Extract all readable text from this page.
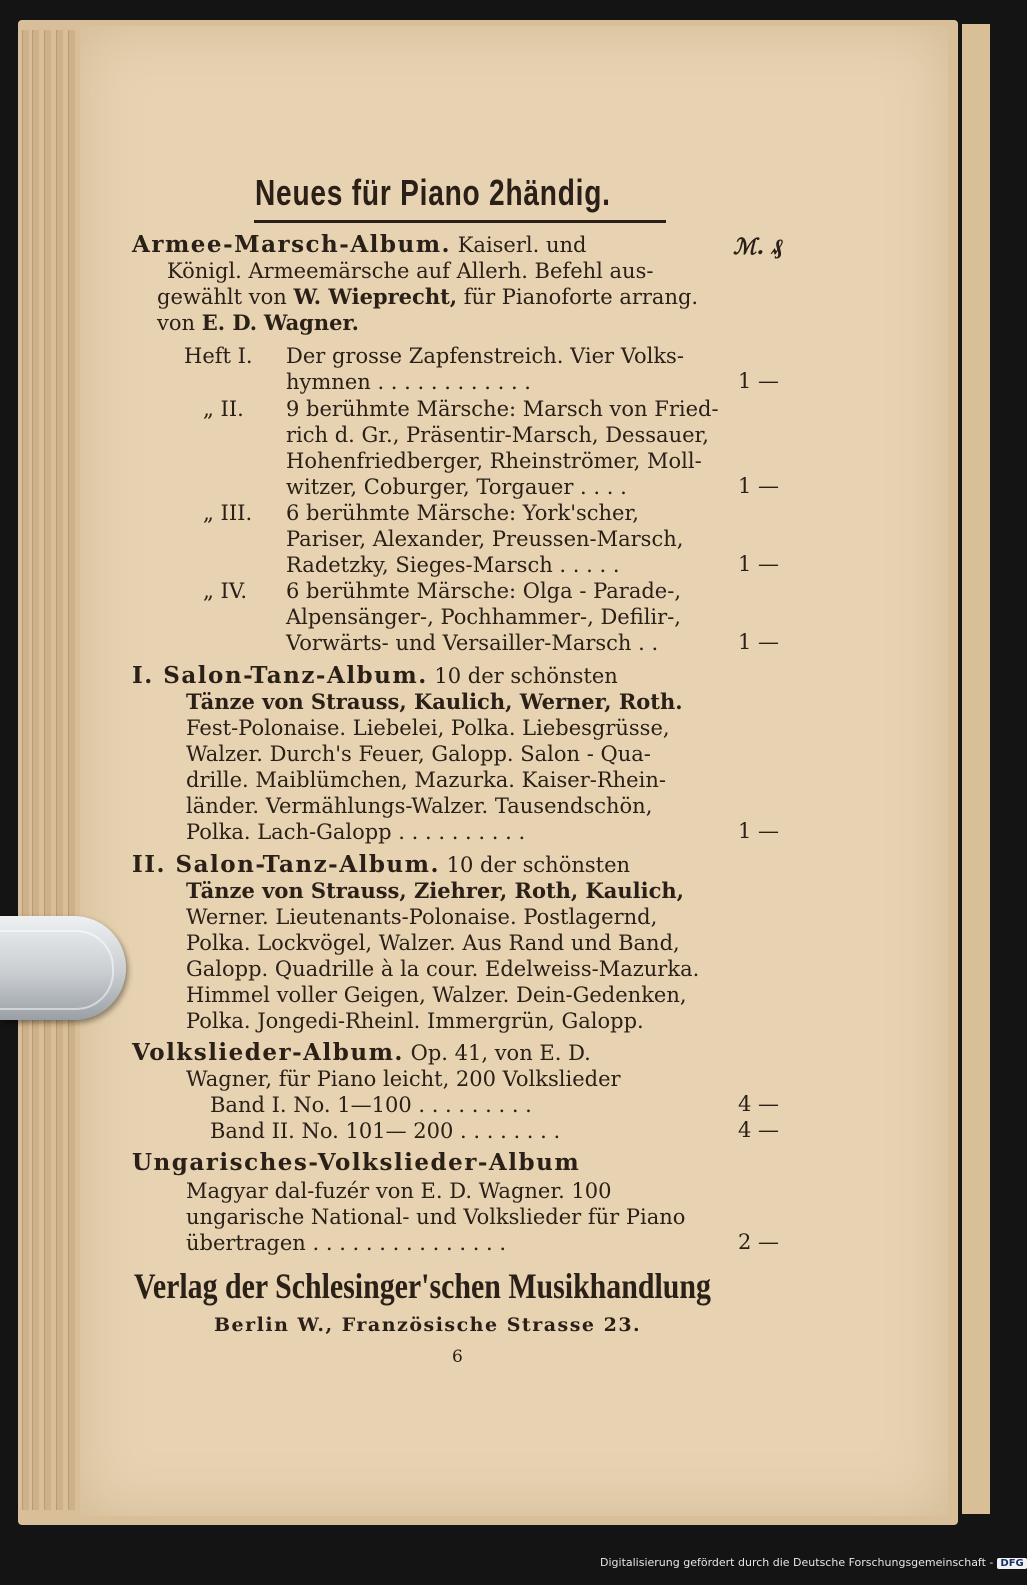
Neues für Piano 2händig.
ℳ. ₰
Armee-Marsch-Album. Kaiserl. und
Königl. Armeemärsche auf Allerh. Befehl aus-
gewählt von W. Wieprecht, für Pianoforte arrang.
von E. D. Wagner.
Heft I. Der grosse Zapfenstreich. Vier Volks-
hymnen . . . . . . . . . . . .	1 —
„ II. 9 berühmte Märsche: Marsch von Fried-
rich d. Gr., Präsentir-Marsch, Dessauer,
Hohenfriedberger, Rheinströmer, Moll-
witzer, Coburger, Torgauer . . . .	1 —
„ III. 6 berühmte Märsche: York'scher,
Pariser, Alexander, Preussen-Marsch,
Radetzky, Sieges-Marsch . . . . .	1 —
„ IV. 6 berühmte Märsche: Olga - Parade-,
Alpensänger-, Pochhammer-, Defilir-,
Vorwärts- und Versailler-Marsch . .	1 —
I. Salon-Tanz-Album. 10 der schönsten
Tänze von Strauss, Kaulich, Werner, Roth.
Fest-Polonaise. Liebelei, Polka. Liebesgrüsse,
Walzer. Durch's Feuer, Galopp. Salon - Qua-
drille. Maiblümchen, Mazurka. Kaiser-Rhein-
länder. Vermählungs-Walzer. Tausendschön,
Polka. Lach-Galopp . . . . . . . . . .	1 —
II. Salon-Tanz-Album. 10 der schönsten
Tänze von Strauss, Ziehrer, Roth, Kaulich,
Werner. Lieutenants-Polonaise. Postlagernd,
Polka. Lockvögel, Walzer. Aus Rand und Band,
Galopp. Quadrille à la cour. Edelweiss-Mazurka.
Himmel voller Geigen, Walzer. Dein-Gedenken,
Polka. Jongedi-Rheinl. Immergrün, Galopp.
Volkslieder-Album. Op. 41, von E. D.
Wagner, für Piano leicht, 200 Volkslieder
Band I. No. 1—100 . . . . . . . . .	4 —
Band II. No. 101— 200 . . . . . . . .	4 —
Ungarisches-Volkslieder-Album
Magyar dal-fuzér von E. D. Wagner. 100
ungarische National- und Volkslieder für Piano
übertragen . . . . . . . . . . . . . . .	2 —
Verlag der Schlesinger'schen Musikhandlung
Berlin W., Französische Strasse 23.
6
Digitalisierung gefördert durch die Deutsche Forschungsgemeinschaft - DFG
